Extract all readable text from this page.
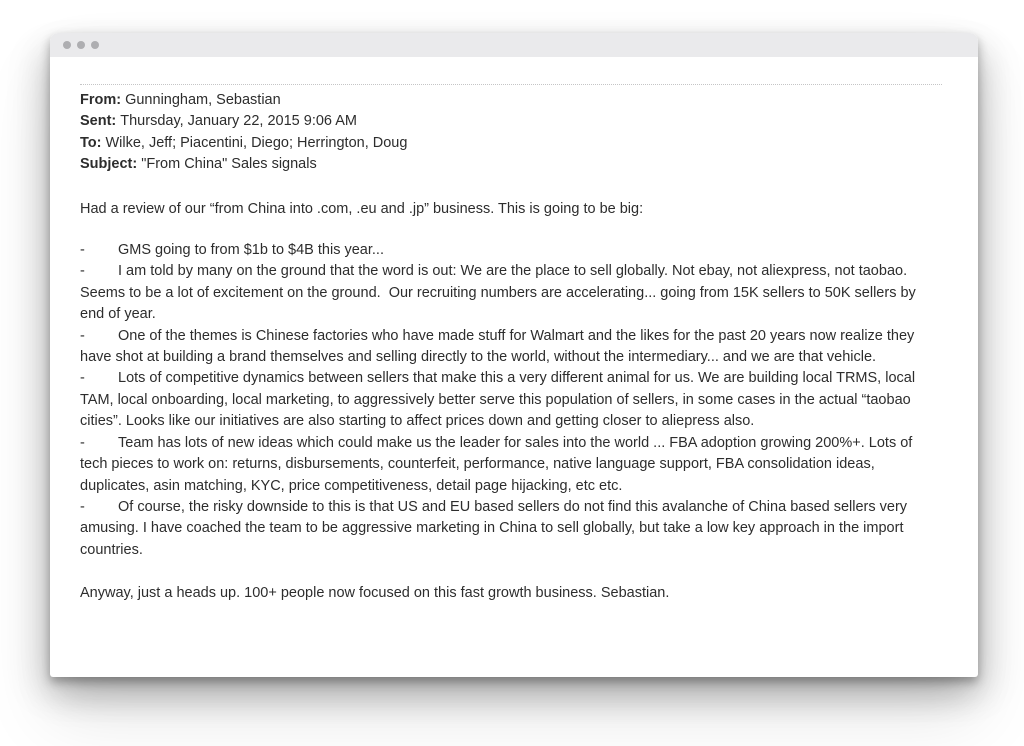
From: Gunningham, Sebastian

Sent: Thursday, January 22, 2015 9:06 AM

To: Wilke, Jeff; Piacentini, Diego; Herrington, Doug

Subject: "From China" Sales signals

Had a review of our “from China into .com, .eu and .jp” business. This is going to be big:

- GMS going to from $1b to $4B this year...

- I am told by many on the ground that the word is out: We are the place to sell globally. Not ebay, not aliexpress, not taobao. Seems to be a lot of excitement on the ground.  Our recruiting numbers are accelerating... going from 15K sellers to 50K sellers by end of year.

- One of the themes is Chinese factories who have made stuff for Walmart and the likes for the past 20 years now realize they have shot at building a brand themselves and selling directly to the world, without the intermediary... and we are that vehicle.

- Lots of competitive dynamics between sellers that make this a very different animal for us. We are building local TRMS, local TAM, local onboarding, local marketing, to aggressively better serve this population of sellers, in some cases in the actual “taobao cities”. Looks like our initiatives are also starting to affect prices down and getting closer to aliepress also.

- Team has lots of new ideas which could make us the leader for sales into the world ... FBA adoption growing 200%+. Lots of tech pieces to work on: returns, disbursements, counterfeit, performance, native language support, FBA consolidation ideas, duplicates, asin matching, KYC, price competitiveness, detail page hijacking, etc etc.

- Of course, the risky downside to this is that US and EU based sellers do not find this avalanche of China based sellers very amusing. I have coached the team to be aggressive marketing in China to sell globally, but take a low key approach in the import countries.

Anyway, just a heads up. 100+ people now focused on this fast growth business. Sebastian.
